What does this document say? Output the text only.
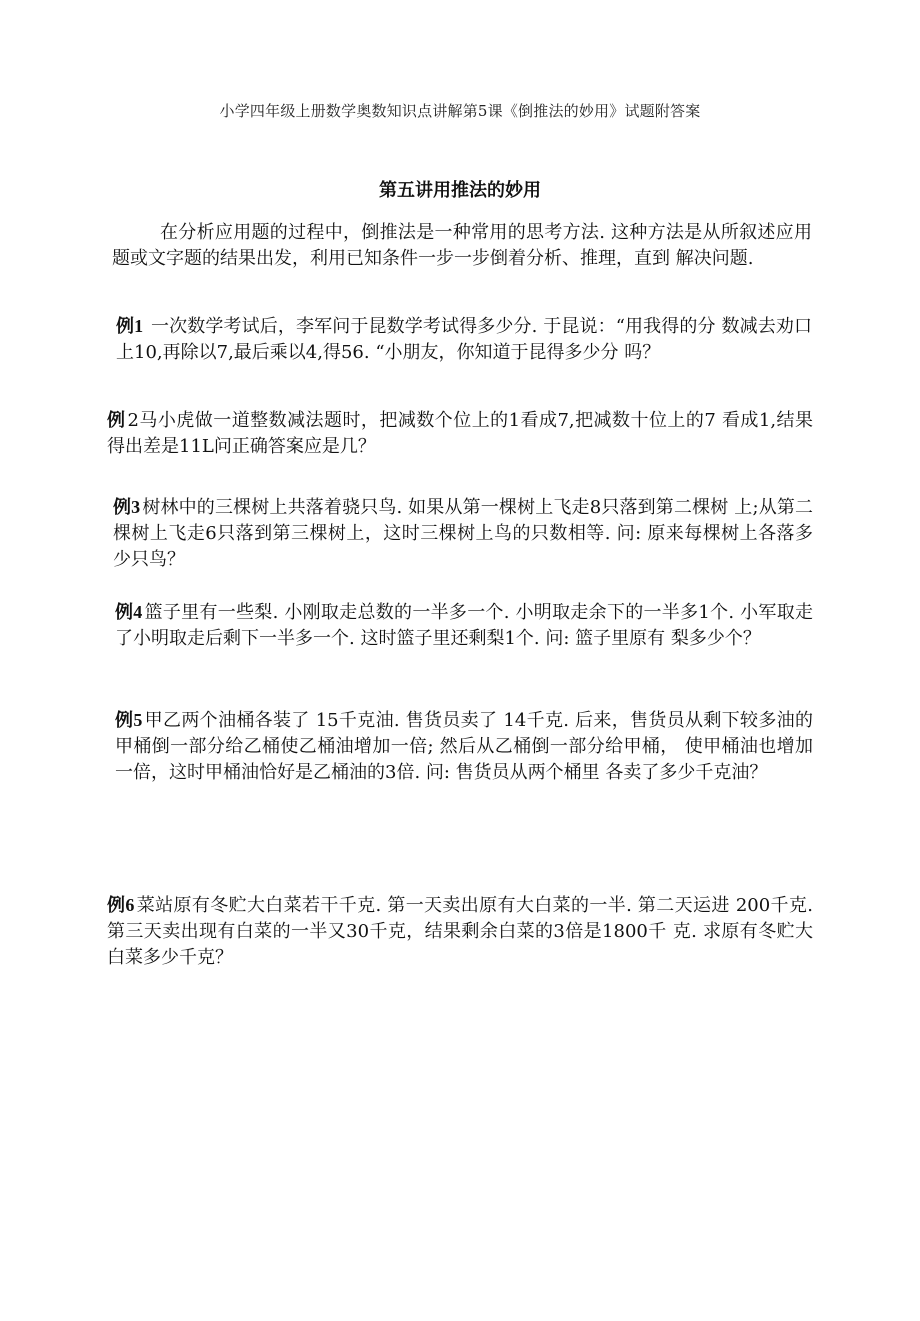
小学四年级上册数学奥数知识点讲解第5课《倒推法的妙用》试题附答案
第五讲用推法的妙用

在分析应用题的过程中，倒推法是一种常用的思考方法. 这种方法是从所叙述应用题或文字题的结果出发，利用已知条件一步一步倒着分析、推理，直到 解决问题.

例1 一次数学考试后，李军问于昆数学考试得多少分. 于昆说：“用我得的分 数减去劝口上10,再除以7,最后乘以4,得56. “小朋友，你知道于昆得多少分 吗？

例 2马小虎做一道整数减法题时，把减数个位上的1看成7,把减数十位上的7 看成1,结果得出差是11L问正确答案应是几？

例3 树林中的三棵树上共落着骁只鸟. 如果从第一棵树上飞走8只落到第二棵树 上;从第二棵树上飞走6只落到第三棵树上，这时三棵树上鸟的只数相等. 问: 原来每棵树上各落多少只鸟？

例4 篮子里有一些梨. 小刚取走总数的一半多一个. 小明取走余下的一半多1个. 小军取走了小明取走后剩下一半多一个. 这时篮子里还剩梨1个. 问: 篮子里原有 梨多少个？

例5 甲乙两个油桶各装了 15千克油. 售货员卖了 14千克. 后来，售货员从剩下较多油的甲桶倒一部分给乙桶使乙桶油增加一倍; 然后从乙桶倒一部分给甲桶， 使甲桶油也增加一倍，这时甲桶油恰好是乙桶油的3倍. 问: 售货员从两个桶里 各卖了多少千克油？

例6 菜站原有冬贮大白菜若干千克. 第一天卖出原有大白菜的一半. 第二天运进 200千克. 第三天卖出现有白菜的一半又30千克，结果剩余白菜的3倍是1800千 克. 求原有冬贮大白菜多少千克？
